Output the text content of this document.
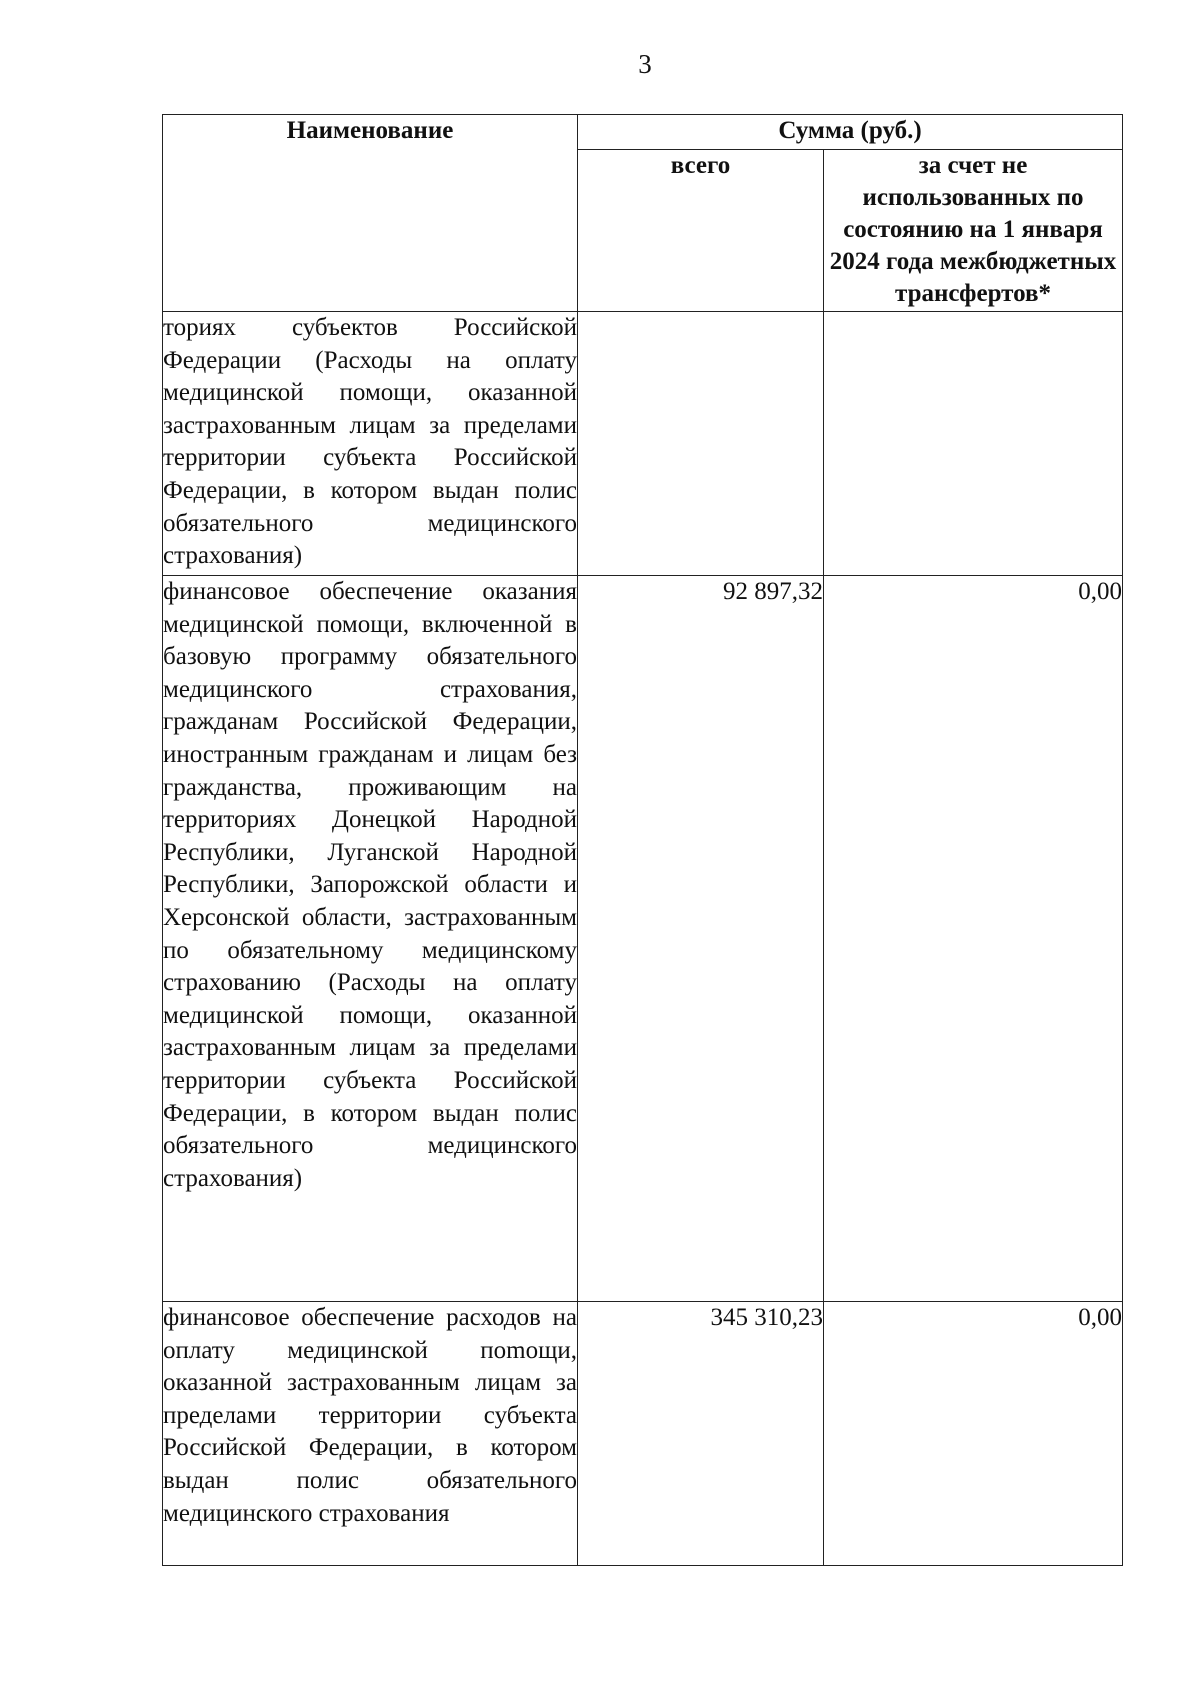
3
Наименование	Сумма (руб.)	
	всего	за счет не использованных по состоянию на 1 января 2024 года межбюджетных трансфертов*
ториях субъектов Российской Федерации (Расходы на оплату медицинской помощи, оказанной застрахованным лицам за пределами территории субъекта Российской Федерации, в котором выдан полис обязательного медицинского страхования)		
финансовое обеспечение оказания медицинской помощи, включенной в базовую программу обязательного медицинского страхования, гражданам Российской Федерации, иностранным гражданам и лицам без гражданства, проживающим на территориях Донецкой Народной Республики, Луганской Народной Республики, Запорожской области и Херсонской области, застрахованным по обязательному медицинскому страхованию (Расходы на оплату медицинской помощи, оказанной застрахованным лицам за пределами территории субъекта Российской Федерации, в котором выдан полис обязательного медицинского страхования)	92 897,32	0,00
финансовое обеспечение расходов на оплату медицинской поmощи, оказанной застрахованным лицам за пределами территории субъекта Российской Федерации, в котором выдан полис обязательного медицинского страхования	345 310,23	0,00
